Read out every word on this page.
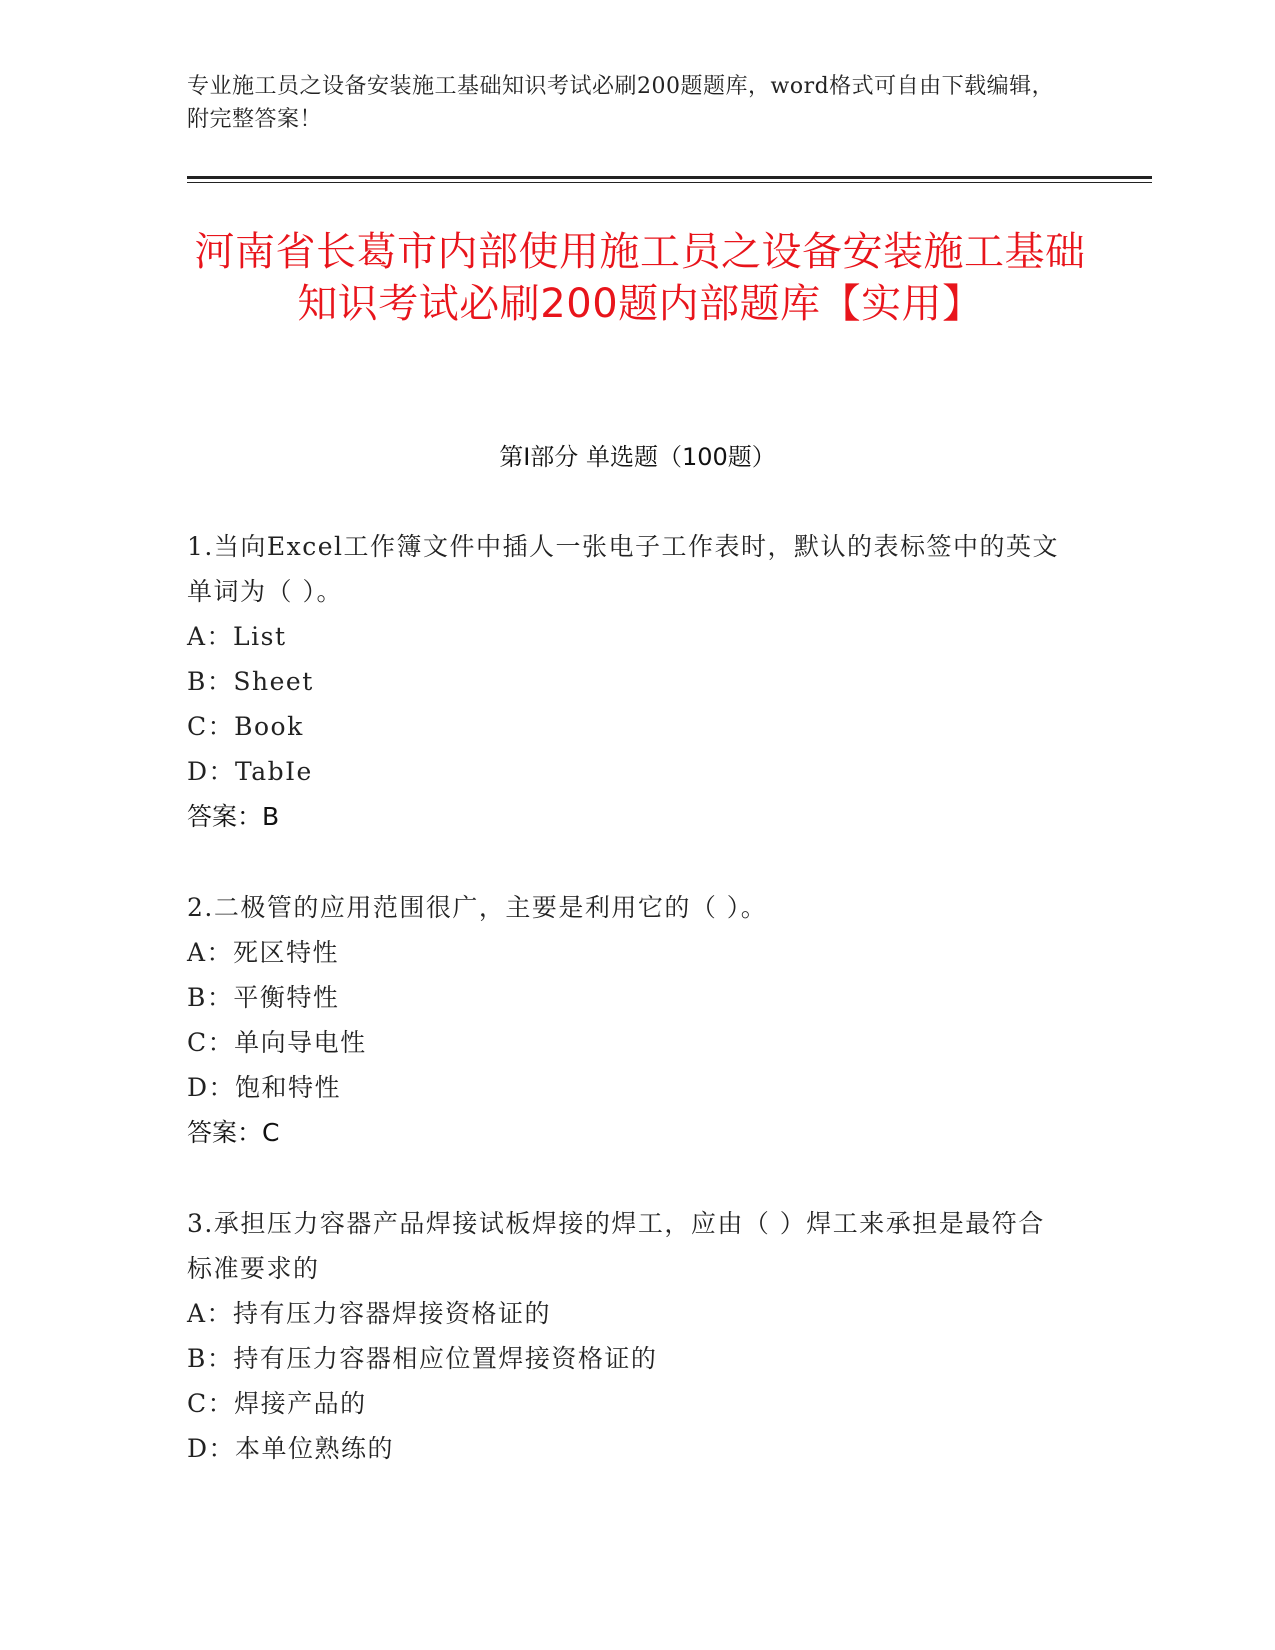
专业施工员之设备安装施工基础知识考试必刷200题题库，word格式可自由下载编辑，附完整答案！
河南省长葛市内部使用施工员之设备安装施工基础知识考试必刷200题内部题库【实用】
第Ⅰ部分 单选题（100题）

1.当向Excel工作簿文件中插人一张电子工作表时，默认的表标签中的英文单词为（ ）。

A：List

B：Sheet

C：Book

D：TabIe

答案：B

2.二极管的应用范围很广，主要是利用它的（ ）。

A：死区特性

B：平衡特性

C：单向导电性

D：饱和特性

答案：C

3.承担压力容器产品焊接试板焊接的焊工，应由（ ）焊工来承担是最符合标准要求的

A：持有压力容器焊接资格证的

B：持有压力容器相应位置焊接资格证的

C：焊接产品的

D：本单位熟练的
